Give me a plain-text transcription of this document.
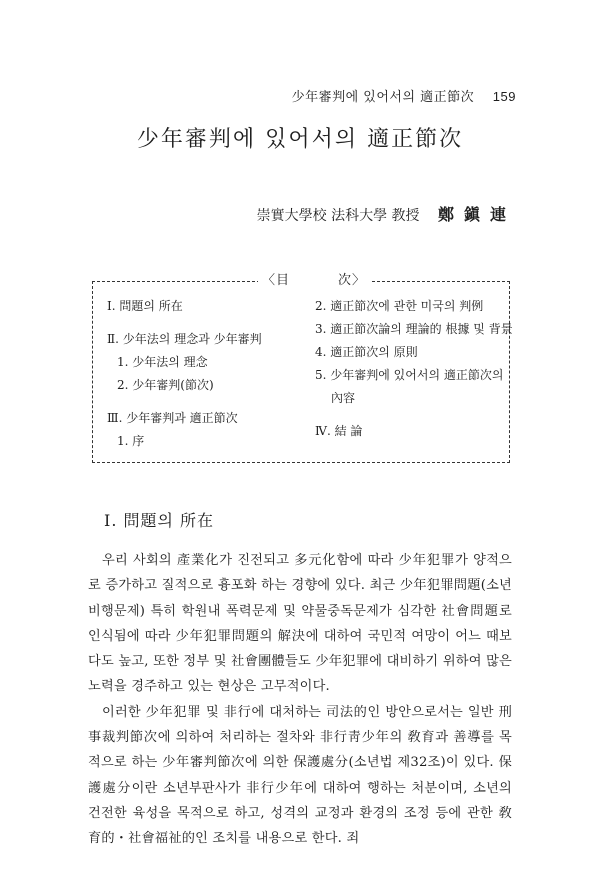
少年審判에 있어서의 適正節次 159
少年審判에 있어서의 適正節次
崇實大學校 法科大學 教授 鄭鎭連
Ⅰ. 問題의 所在
Ⅱ. 少年法의 理念과 少年審判
1. 少年法의 理念
2. 少年審判(節次)
Ⅲ. 少年審判과 適正節次
1. 序
2. 適正節次에 관한 미국의 判例
3. 適正節次論의 理論的 根據 및 背景
4. 適正節次의 原則
5. 少年審判에 있어서의 適正節次의
內容
Ⅳ. 結 論
〈目	次〉
Ⅰ. 問題의 所在

우리 사회의 產業化가 진전되고 多元化함에 따라 少年犯罪가 양적으로 증가하고 질적으로 흉포화 하는 경향에 있다. 최근 少年犯罪問題(소년비행문제) 특히 학원내 폭력문제 및 약물중독문제가 심각한 社會問題로 인식됨에 따라 少年犯罪問題의 解決에 대하여 국민적 여망이 어느 때보다도 높고, 또한 정부 및 社會團體들도 少年犯罪에 대비하기 위하여 많은 노력을 경주하고 있는 현상은 고무적이다.

이러한 少年犯罪 및 非行에 대처하는 司法的인 방안으로서는 일반 刑事裁判節次에 의하여 처리하는 절차와 非行靑少年의 敎育과 善導를 목적으로 하는 少年審判節次에 의한 保護處分(소년법 제32조)이 있다. 保護處分이란 소년부판사가 非行少年에 대하여 행하는 처분이며, 소년의 건전한 육성을 목적으로 하고, 성격의 교정과 환경의 조정 등에 관한 敎育的・社會福祉的인 조치를 내용으로 한다. 죄
